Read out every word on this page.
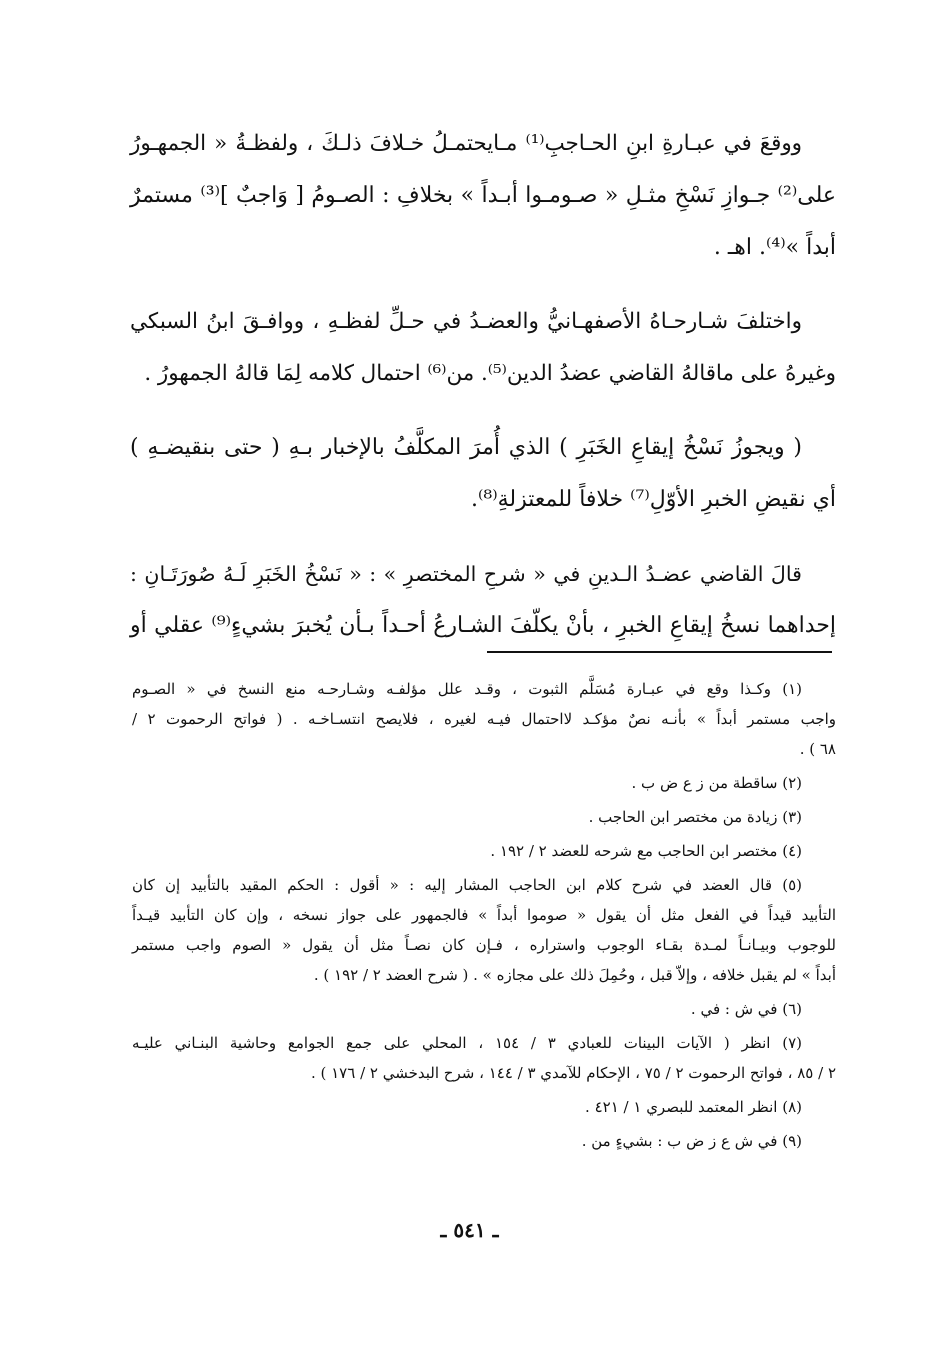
ووقعَ في عبـارةِ ابنِ الحـاجبِ⁽¹⁾ مـايحتمـلُ خـلافَ ذلـكَ ، ولفظـةُ « الجمهـورُ
على⁽²⁾ جـوازِ نَسْخِ مثـلِ « صـومـوا أبـداً » بخلافِ : الصـومُ [ وَاجبٌ ]⁽³⁾ مستمرٌ
أبداً »⁽⁴⁾. اهـ .

واختلفَ شـارحـاهُ الأصفهـانيُّ والعضـدُ في حـلِّ لفظـهِ ، ووافـقَ ابنُ السبكي
وغيرهُ على ماقالهُ القاضي عضدُ الدين⁽⁵⁾. من⁽⁶⁾ احتمال كلامه لِمَا قالهُ الجمهورُ .

( ويجوزُ نَسْخُ إيقاعِ الخَبَرِ ) الذي أُمرَ المكلَّفُ بالإخبار بـهِ ( حتى بنقيضـهِ )
أي نقيضِ الخبرِ الأوّلِ⁽⁷⁾ خلافاً للمعتزلةِ⁽⁸⁾.

قالَ القاضي عضـدُ الـدينِ في « شرحِ المختصرِ » : « نَسْخُ الخَبَرِ لَـهُ صُورَتَـانِ :
إحداهما نسخُ إيقاعِ الخبرِ ، بأنْ يكلّفَ الشـارعُ أحـداً بـأن يُخبرَ بشيءٍ⁽⁹⁾ عقلي أو

(١) وكـذا وقع في عبـارة مُسَلَّم الثبوت ، وقـد علل مؤلفـه وشـارحـه منع النسخ في « الصـوم
واجب مستمر أبداً » بأنـه نصٌ مؤكـد لااحتمال فيـه لغيره ، فلايصح انتسـاخـه . ( فواتح الرحموت ٢ /
٦٨ ) .

(٢) ساقطة من ز ع ض ب .

(٣) زيادة من مختصر ابن الحاجب .

(٤) مختصر ابن الحاجب مع شرحه للعضد ٢ / ١٩٢ .

(٥) قال العضد في شرح كلام ابن الحاجب المشار إليه : « أقول : الحكم المقيد بالتأبيد إن كان
التأبيد قيداً في الفعل مثل أن يقول « صوموا أبداً » فالجمهور على جواز نسخه ، وإن كان التأبيد قيـداً
للوجوب وبيـانـاً لمـدة بقـاء الوجوب واستراره ، فـإن كان نصـاً مثل أن يقول « الصوم واجب مستمر
أبداً » لم يقبل خلافه ، وإلاّ قبل ، وحُمِلَ ذلك على مجازه » . ( شرح العضد ٢ / ١٩٢ ) .

(٦) في ش : في .

(٧) انظر ( الآيات البينات للعبادي ٣ / ١٥٤ ، المحلي على جمع الجوامع وحاشية البنـاني عليـه
٢ / ٨٥ ، فواتح الرحموت ٢ / ٧٥ ، الإحكام للآمدي ٣ / ١٤٤ ، شرح البدخشي ٢ / ١٧٦ ) .

(٨) انظر المعتمد للبصري ١ / ٤٢١ .

(٩) في ش ع ز ض ب : بشيءٍ من .

ـ ٥٤١ ـ
